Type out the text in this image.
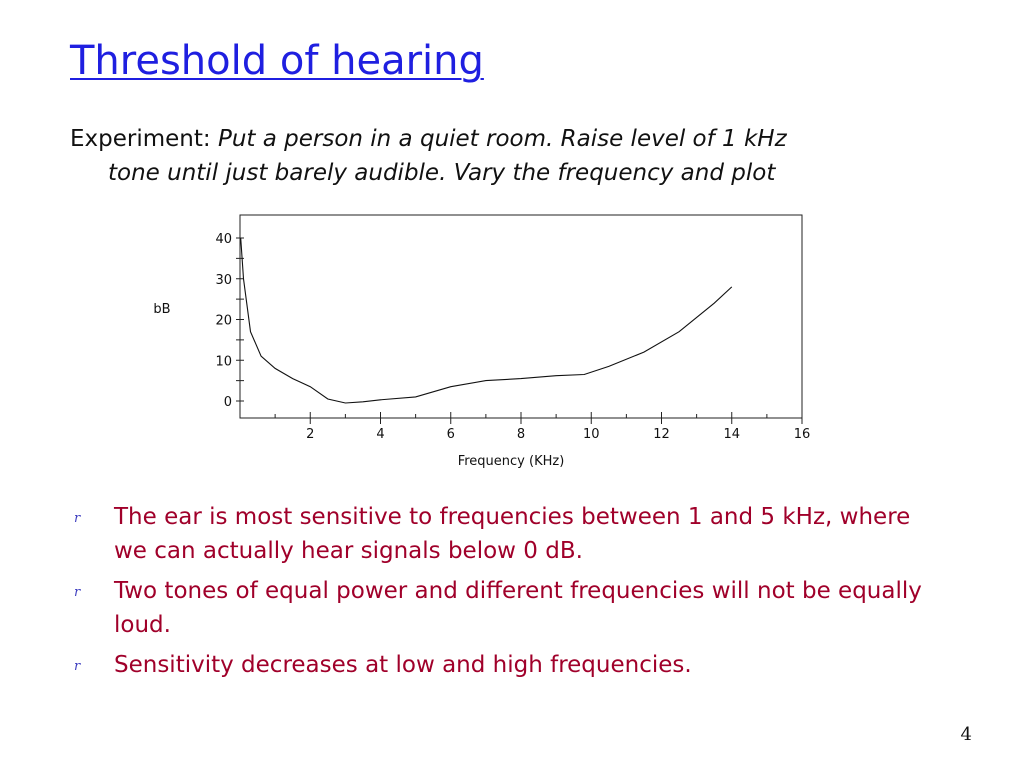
Threshold of hearing
Experiment: Put a person in a quiet room. Raise level of 1 kHz
tone until just barely audible. Vary the frequency and plot
0
10
20
30
40
2	4	6	8	10	12	14	16
Frequency (KHz)
bB
r The ear is most sensitive to frequencies between 1 and 5 kHz, where we can actually hear signals below 0 dB.
r Two tones of equal power and different frequencies will not be equally loud.
r Sensitivity decreases at low and high frequencies.
4
